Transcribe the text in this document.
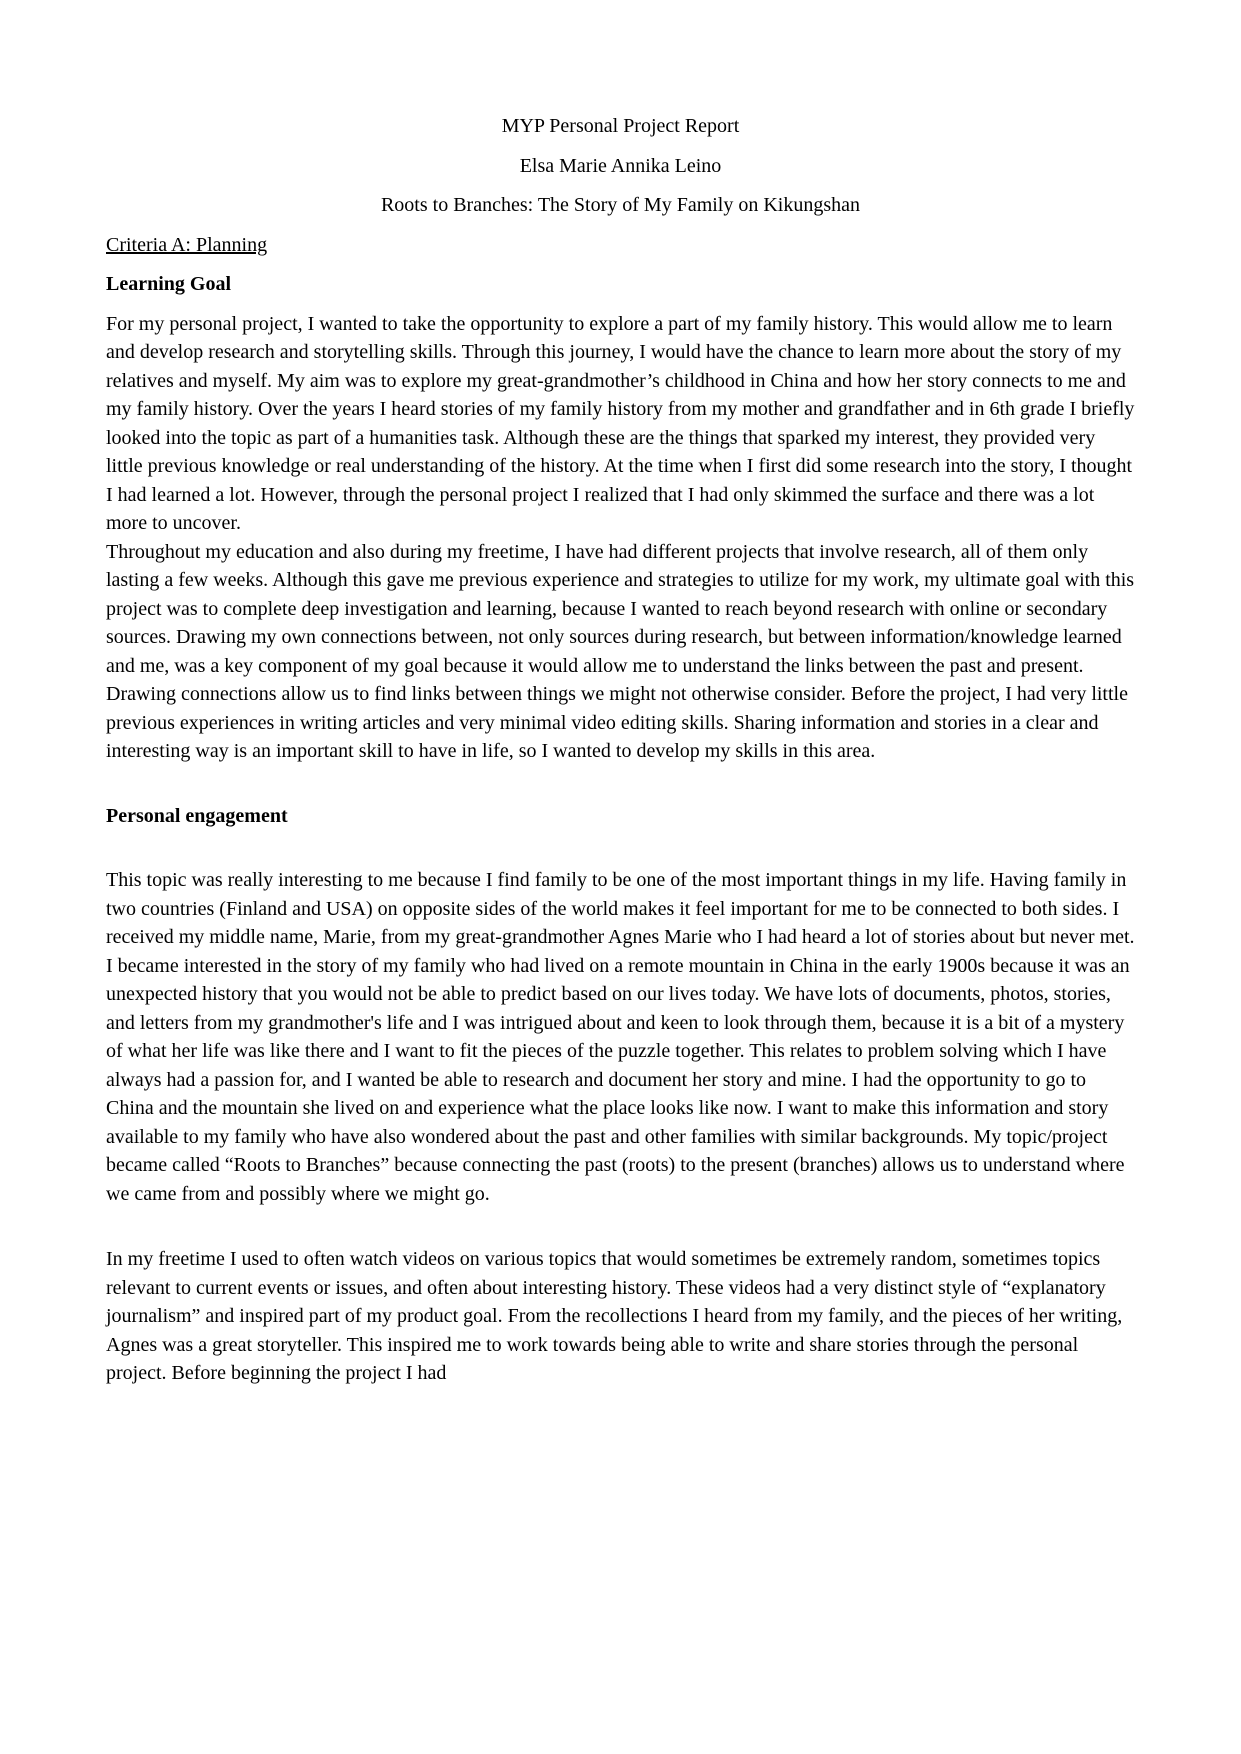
MYP Personal Project Report

Elsa Marie Annika Leino

Roots to Branches: The Story of My Family on Kikungshan

Criteria A: Planning

Learning Goal

For my personal project, I wanted to take the opportunity to explore a part of my family history. This would allow me to learn and develop research and storytelling skills. Through this journey, I would have the chance to learn more about the story of my relatives and myself. My aim was to explore my great-grandmother’s childhood in China and how her story connects to me and my family history. Over the years I heard stories of my family history from my mother and grandfather and in 6th grade I briefly looked into the topic as part of a humanities task. Although these are the things that sparked my interest, they provided very little previous knowledge or real understanding of the history. At the time when I first did some research into the story, I thought I had learned a lot. However, through the personal project I realized that I had only skimmed the surface and there was a lot more to uncover.

Throughout my education and also during my freetime, I have had different projects that involve research, all of them only lasting a few weeks. Although this gave me previous experience and strategies to utilize for my work, my ultimate goal with this project was to complete deep investigation and learning, because I wanted to reach beyond research with online or secondary sources. Drawing my own connections between, not only sources during research, but between information/knowledge learned and me, was a key component of my goal because it would allow me to understand the links between the past and present. Drawing connections allow us to find links between things we might not otherwise consider. Before the project, I had very little previous experiences in writing articles and very minimal video editing skills. Sharing information and stories in a clear and interesting way is an important skill to have in life, so I wanted to develop my skills in this area.

Personal engagement

This topic was really interesting to me because I find family to be one of the most important things in my life. Having family in two countries (Finland and USA) on opposite sides of the world makes it feel important for me to be connected to both sides. I received my middle name, Marie, from my great-grandmother Agnes Marie who I had heard a lot of stories about but never met. I became interested in the story of my family who had lived on a remote mountain in China in the early 1900s because it was an unexpected history that you would not be able to predict based on our lives today. We have lots of documents, photos, stories, and letters from my grandmother's life and I was intrigued about and keen to look through them, because it is a bit of a mystery of what her life was like there and I want to fit the pieces of the puzzle together. This relates to problem solving which I have always had a passion for, and I wanted be able to research and document her story and mine. I had the opportunity to go to China and the mountain she lived on and experience what the place looks like now. I want to make this information and story available to my family who have also wondered about the past and other families with similar backgrounds. My topic/project became called “Roots to Branches” because connecting the past (roots) to the present (branches) allows us to understand where we came from and possibly where we might go.

In my freetime I used to often watch videos on various topics that would sometimes be extremely random, sometimes topics relevant to current events or issues, and often about interesting history. These videos had a very distinct style of “explanatory journalism” and inspired part of my product goal. From the recollections I heard from my family, and the pieces of her writing, Agnes was a great storyteller. This inspired me to work towards being able to write and share stories through the personal project. Before beginning the project I had
